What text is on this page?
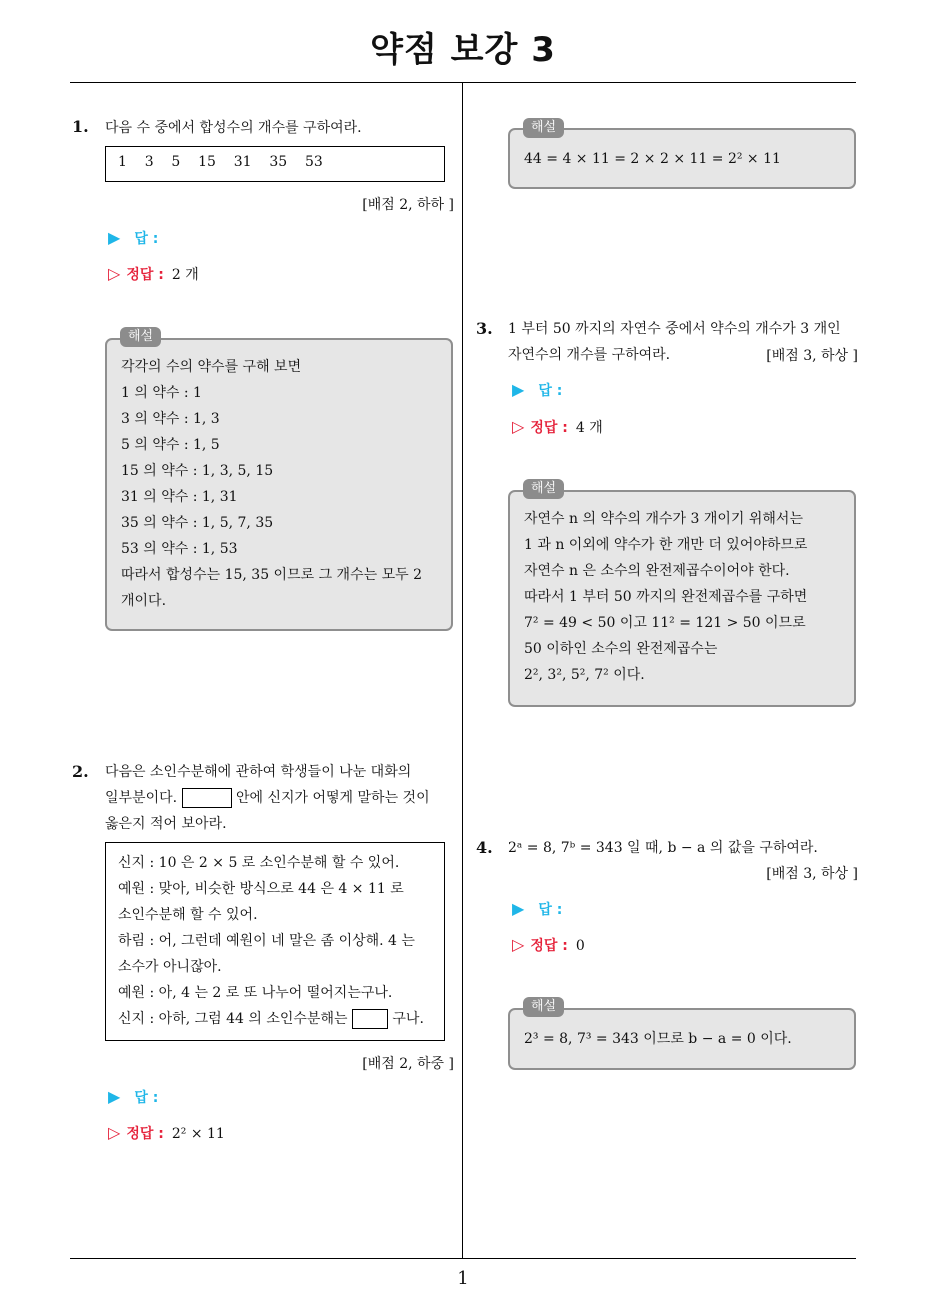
약점 보강 3
1
1. 다음 수 중에서 합성수의 개수를 구하여라.
1    3    5    15    31    35    53
[배점 2, 하하 ]
▶ 답 :
▷ 정답 : 2 개
각각의 수의 약수를 구해 보면
1 의 약수 : 1
3 의 약수 : 1, 3
5 의 약수 : 1, 5
15 의 약수 : 1, 3, 5, 15
31 의 약수 : 1, 31
35 의 약수 : 1, 5, 7, 35
53 의 약수 : 1, 53
따라서 합성수는 15, 35 이므로 그 개수는 모두 2
개이다.
해설
2. 다음은 소인수분해에 관하여 학생들이 나눈 대화의
일부분이다.	안에 신지가 어떻게 말하는 것이
옳은지 적어 보아라.
신지 : 10 은 2 × 5 로 소인수분해 할 수 있어.
예원 : 맞아, 비슷한 방식으로 44 은 4 × 11 로
소인수분해 할 수 있어.
하림 : 어, 그런데 예원이 네 말은 좀 이상해. 4 는
소수가 아니잖아.
예원 : 아, 4 는 2 로 또 나누어 떨어지는구나.
신지 : 아하, 그럼 44 의 소인수분해는	구나.
[배점 2, 하중 ]
▶ 답 :
▷ 정답 : 2² × 11
44 = 4 × 11 = 2 × 2 × 11 = 2² × 11
해설
3. 1 부터 50 까지의 자연수 중에서 약수의 개수가 3 개인
자연수의 개수를 구하여라.	[배점 3, 하상 ]
▶ 답 :
▷ 정답 : 4 개
자연수 n 의 약수의 개수가 3 개이기 위해서는
1 과 n 이외에 약수가 한 개만 더 있어야하므로
자연수 n 은 소수의 완전제곱수이어야 한다.
따라서 1 부터 50 까지의 완전제곱수를 구하면
7² = 49 < 50 이고 11² = 121 > 50 이므로
50 이하인 소수의 완전제곱수는
2², 3², 5², 7² 이다.
해설
4. 2ᵃ = 8, 7ᵇ = 343 일 때, b − a 의 값을 구하여라.
[배점 3, 하상 ]
▶ 답 :
▷ 정답 : 0
2³ = 8, 7³ = 343 이므로 b − a = 0 이다.
해설
